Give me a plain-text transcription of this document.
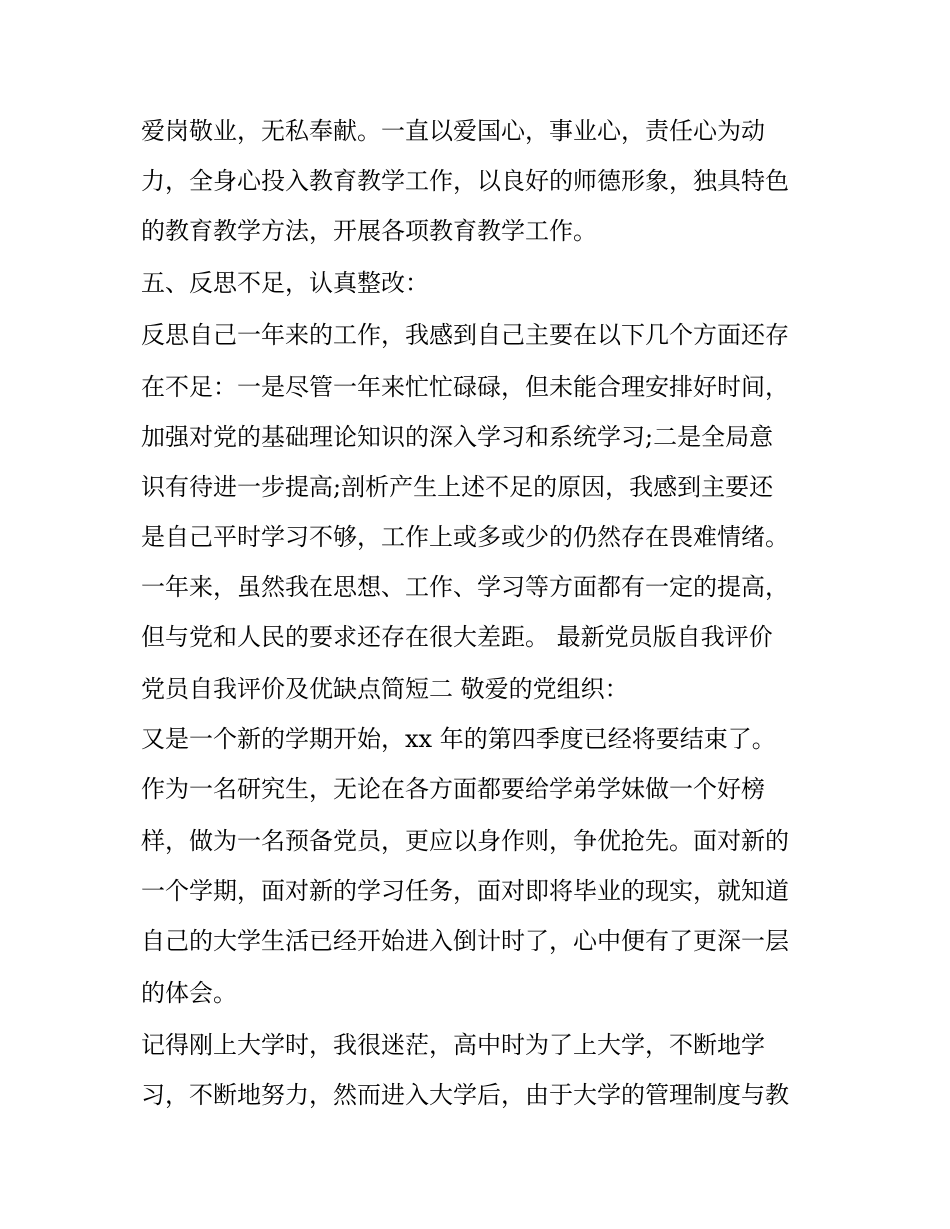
爱岗敬业，无私奉献。一直以爱国心，事业心，责任心为动

力，全身心投入教育教学工作，以良好的师德形象，独具特色

的教育教学方法，开展各项教育教学工作。

五、反思不足，认真整改：

反思自己一年来的工作，我感到自己主要在以下几个方面还存

在不足：一是尽管一年来忙忙碌碌，但未能合理安排好时间，

加强对党的基础理论知识的深入学习和系统学习;二是全局意

识有待进一步提高;剖析产生上述不足的原因，我感到主要还

是自己平时学习不够，工作上或多或少的仍然存在畏难情绪。

一年来，虽然我在思想、工作、学习等方面都有一定的提高，

但与党和人民的要求还存在很大差距。 最新党员版自我评价

党员自我评价及优缺点简短二 敬爱的党组织：

又是一个新的学期开始，xx 年的第四季度已经将要结束了。

作为一名研究生，无论在各方面都要给学弟学妹做一个好榜

样，做为一名预备党员，更应以身作则，争优抢先。面对新的

一个学期，面对新的学习任务，面对即将毕业的现实，就知道

自己的大学生活已经开始进入倒计时了，心中便有了更深一层

的体会。

记得刚上大学时，我很迷茫，高中时为了上大学，不断地学

习，不断地努力，然而进入大学后，由于大学的管理制度与教
